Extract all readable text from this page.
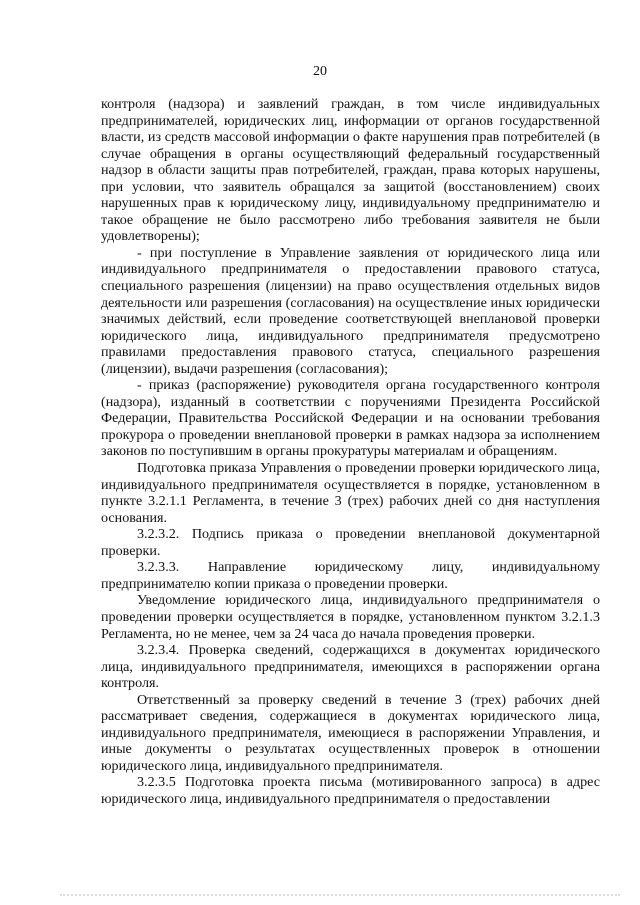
20

контроля (надзора) и заявлений граждан, в том числе индивидуальных предпринимателей, юридических лиц, информации от органов государственной власти, из средств массовой информации о факте нарушения прав потребителей (в случае обращения в органы осуществляющий федеральный государственный надзор в области защиты прав потребителей, граждан, права которых нарушены, при условии, что заявитель обращался за защитой (восстановлением) своих нарушенных прав к юридическому лицу, индивидуальному предпринимателю и такое обращение не было рассмотрено либо требования заявителя не были удовлетворены);

- при поступление в Управление заявления от юридического лица или индивидуального предпринимателя о предоставлении правового статуса, специального разрешения (лицензии) на право осуществления отдельных видов деятельности или разрешения (согласования) на осуществление иных юридически значимых действий, если проведение соответствующей внеплановой проверки юридического лица, индивидуального предпринимателя предусмотрено правилами предоставления правового статуса, специального разрешения (лицензии), выдачи разрешения (согласования);

- приказ (распоряжение) руководителя органа государственного контроля (надзора), изданный в соответствии с поручениями Президента Российской Федерации, Правительства Российской Федерации и на основании требования прокурора о проведении внеплановой проверки в рамках надзора за исполнением законов по поступившим в органы прокуратуры материалам и обращениям.

Подготовка приказа Управления о проведении проверки юридического лица, индивидуального предпринимателя осуществляется в порядке, установленном в пункте 3.2.1.1 Регламента, в течение 3 (трех) рабочих дней со дня наступления основания.

3.2.3.2. Подпись приказа о проведении внеплановой документарной проверки.

3.2.3.3. Направление юридическому лицу, индивидуальному предпринимателю копии приказа о проведении проверки.

Уведомление юридического лица, индивидуального предпринимателя о проведении проверки осуществляется в порядке, установленном пунктом 3.2.1.3 Регламента, но не менее, чем за 24 часа до начала проведения проверки.

3.2.3.4. Проверка сведений, содержащихся в документах юридического лица, индивидуального предпринимателя, имеющихся в распоряжении органа контроля.

Ответственный за проверку сведений в течение 3 (трех) рабочих дней рассматривает сведения, содержащиеся в документах юридического лица, индивидуального предпринимателя, имеющиеся в распоряжении Управления, и иные документы о результатах осуществленных проверок в отношении юридического лица, индивидуального предпринимателя.

3.2.3.5 Подготовка проекта письма (мотивированного запроса) в адрес юридического лица, индивидуального предпринимателя о предоставлении
